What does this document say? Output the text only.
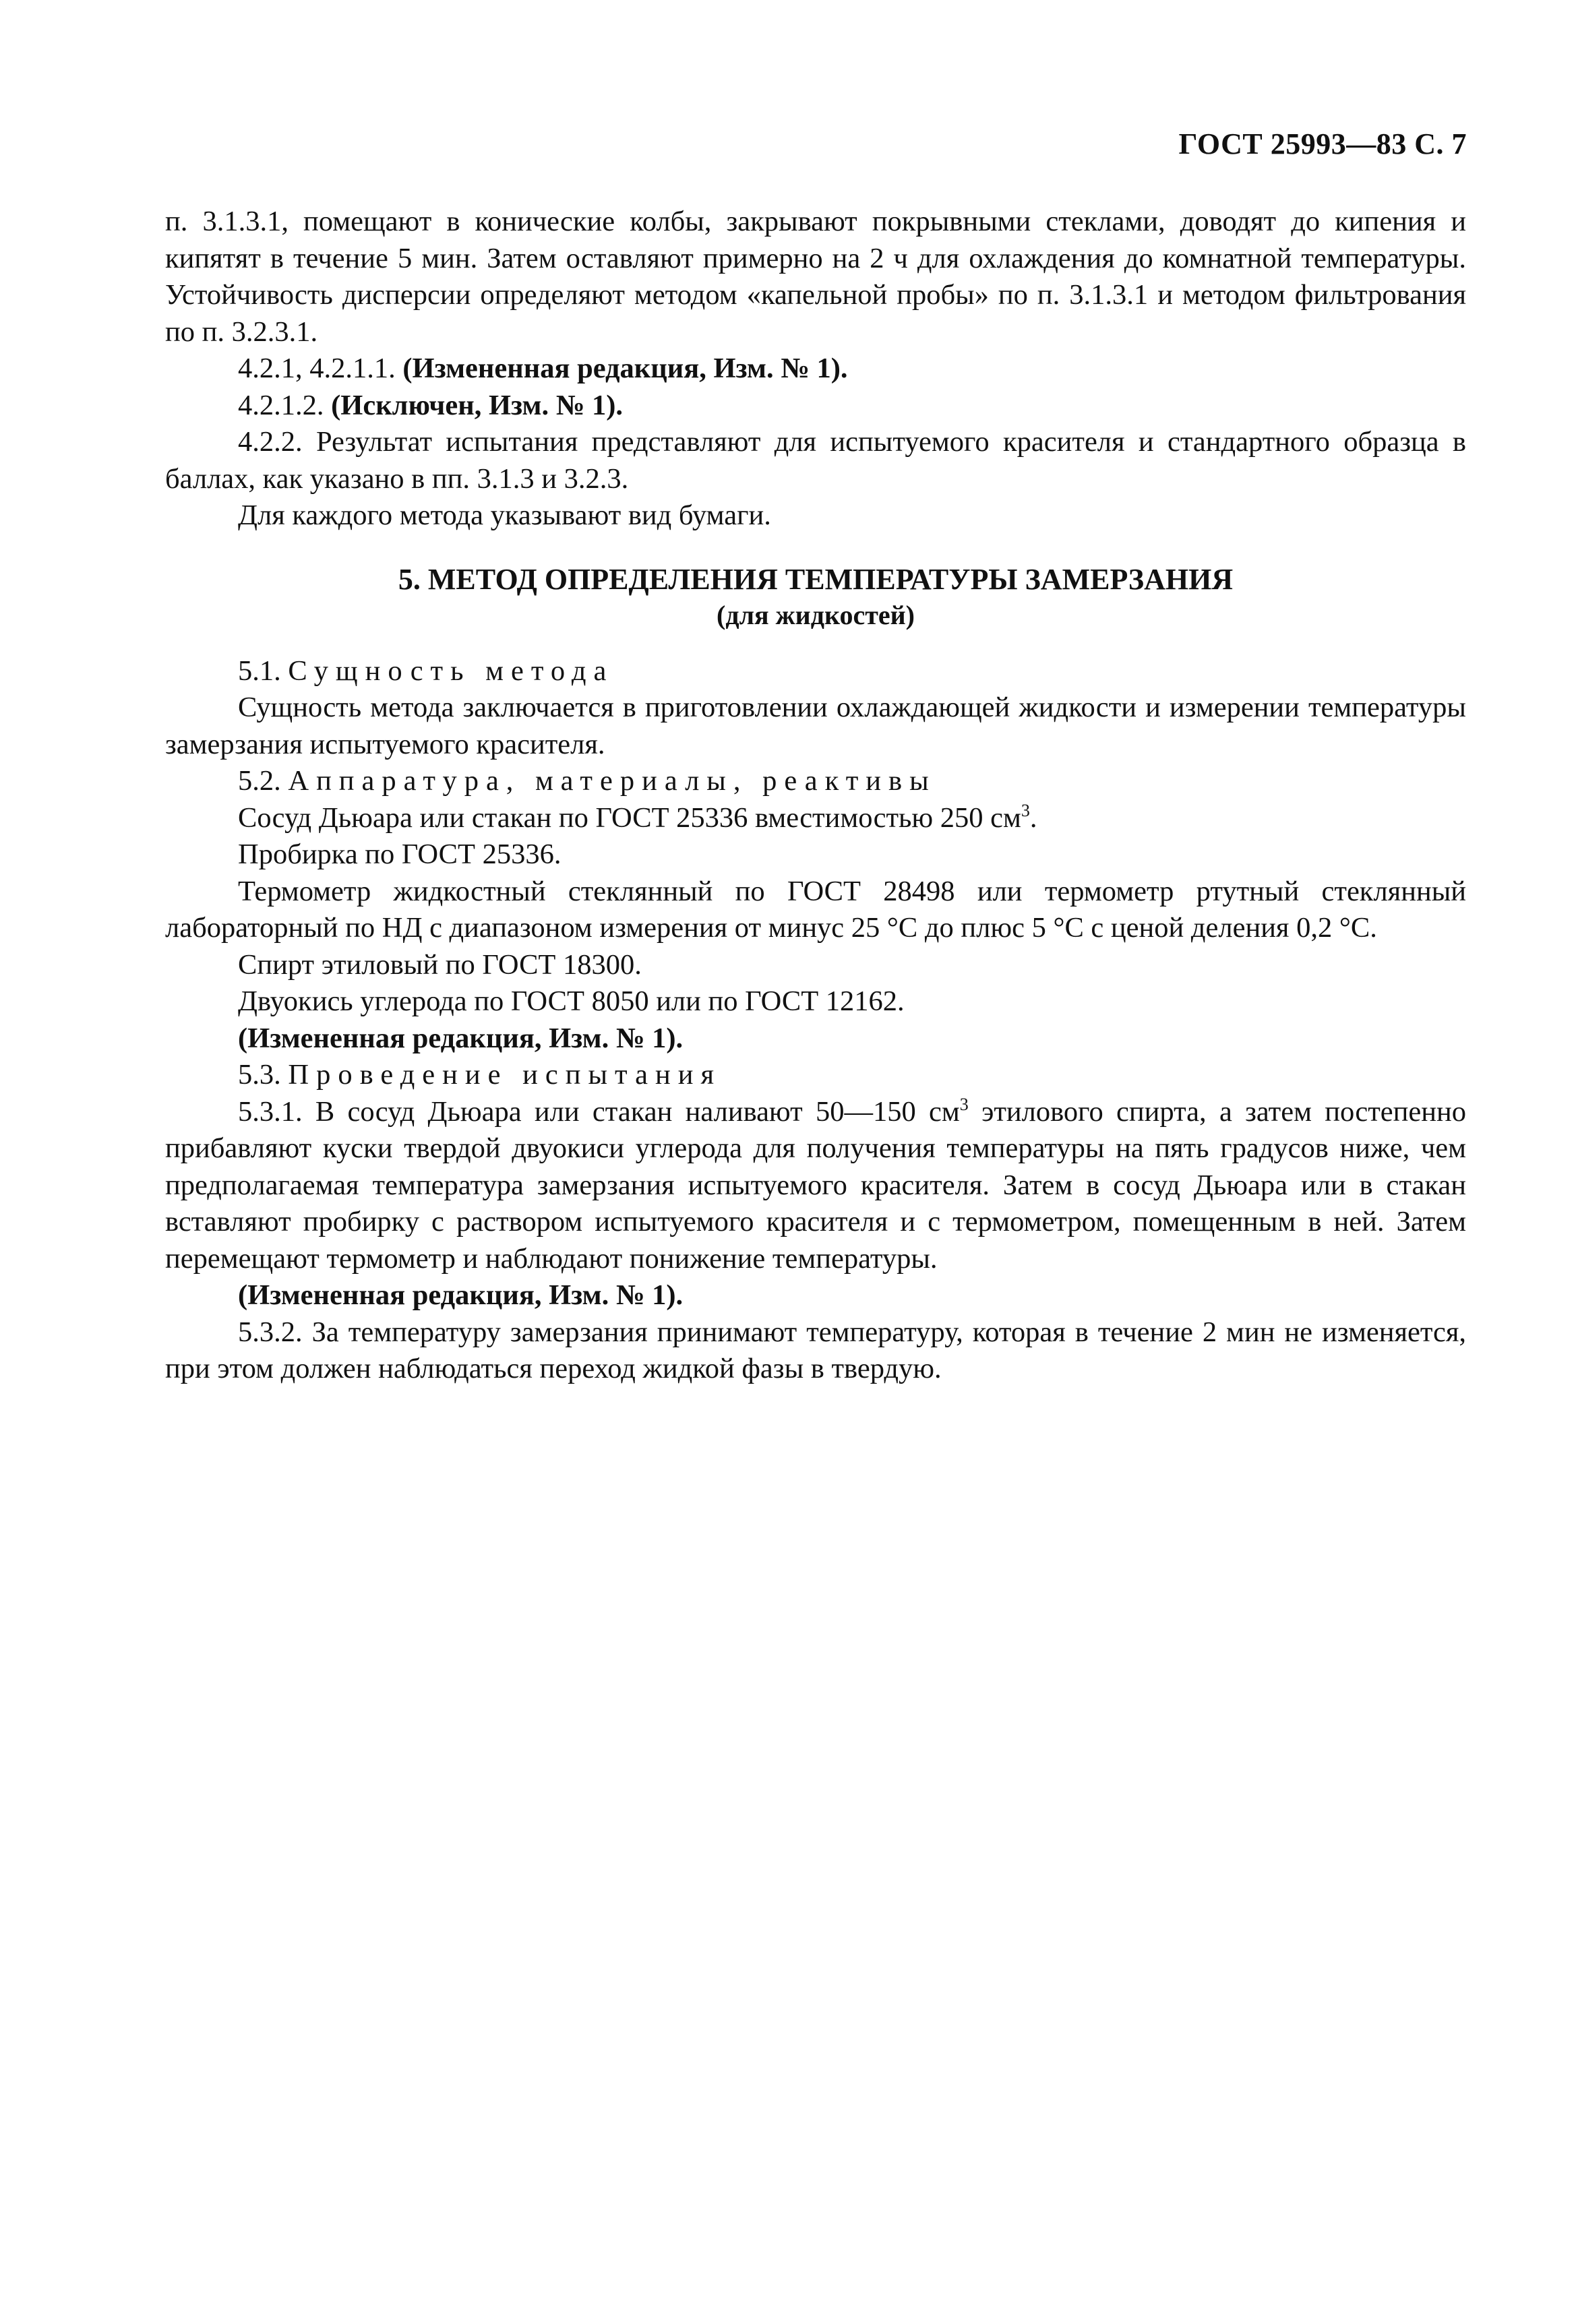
ГОСТ 25993—83 С. 7

п. 3.1.3.1, помещают в конические колбы, закрывают покрывными стеклами, доводят до кипения и кипятят в течение 5 мин. Затем оставляют примерно на 2 ч для охлаждения до комнатной температуры. Устойчивость дисперсии определяют методом «капельной пробы» по п. 3.1.3.1 и методом фильтрования по п. 3.2.3.1.

4.2.1, 4.2.1.1. (Измененная редакция, Изм. № 1).

4.2.1.2. (Исключен, Изм. № 1).

4.2.2. Результат испытания представляют для испытуемого красителя и стандартного образца в баллах, как указано в пп. 3.1.3 и 3.2.3.

Для каждого метода указывают вид бумаги.

5. МЕТОД ОПРЕДЕЛЕНИЯ ТЕМПЕРАТУРЫ ЗАМЕРЗАНИЯ
(для жидкостей)

5.1. Сущность метода

Сущность метода заключается в приготовлении охлаждающей жидкости и измерении температуры замерзания испытуемого красителя.

5.2. Аппаратура, материалы, реактивы

Сосуд Дьюара или стакан по ГОСТ 25336 вместимостью 250 $см^3$.

Пробирка по ГОСТ 25336.

Термометр жидкостный стеклянный по ГОСТ 28498 или термометр ртутный стеклянный лабораторный по НД с диапазоном измерения от минус 25 °С до плюс 5 °С с ценой деления 0,2 °С.

Спирт этиловый по ГОСТ 18300.

Двуокись углерода по ГОСТ 8050 или по ГОСТ 12162.

(Измененная редакция, Изм. № 1).

5.3. Проведение испытания

5.3.1. В сосуд Дьюара или стакан наливают 50—150 $см^3$ этилового спирта, а затем постепенно прибавляют куски твердой двуокиси углерода для получения температуры на пять градусов ниже, чем предполагаемая температура замерзания испытуемого красителя. Затем в сосуд Дьюара или в стакан вставляют пробирку с раствором испытуемого красителя и с термометром, помещенным в ней. Затем перемещают термометр и наблюдают понижение температуры.

(Измененная редакция, Изм. № 1).

5.3.2. За температуру замерзания принимают температуру, которая в течение 2 мин не изменяется, при этом должен наблюдаться переход жидкой фазы в твердую.
